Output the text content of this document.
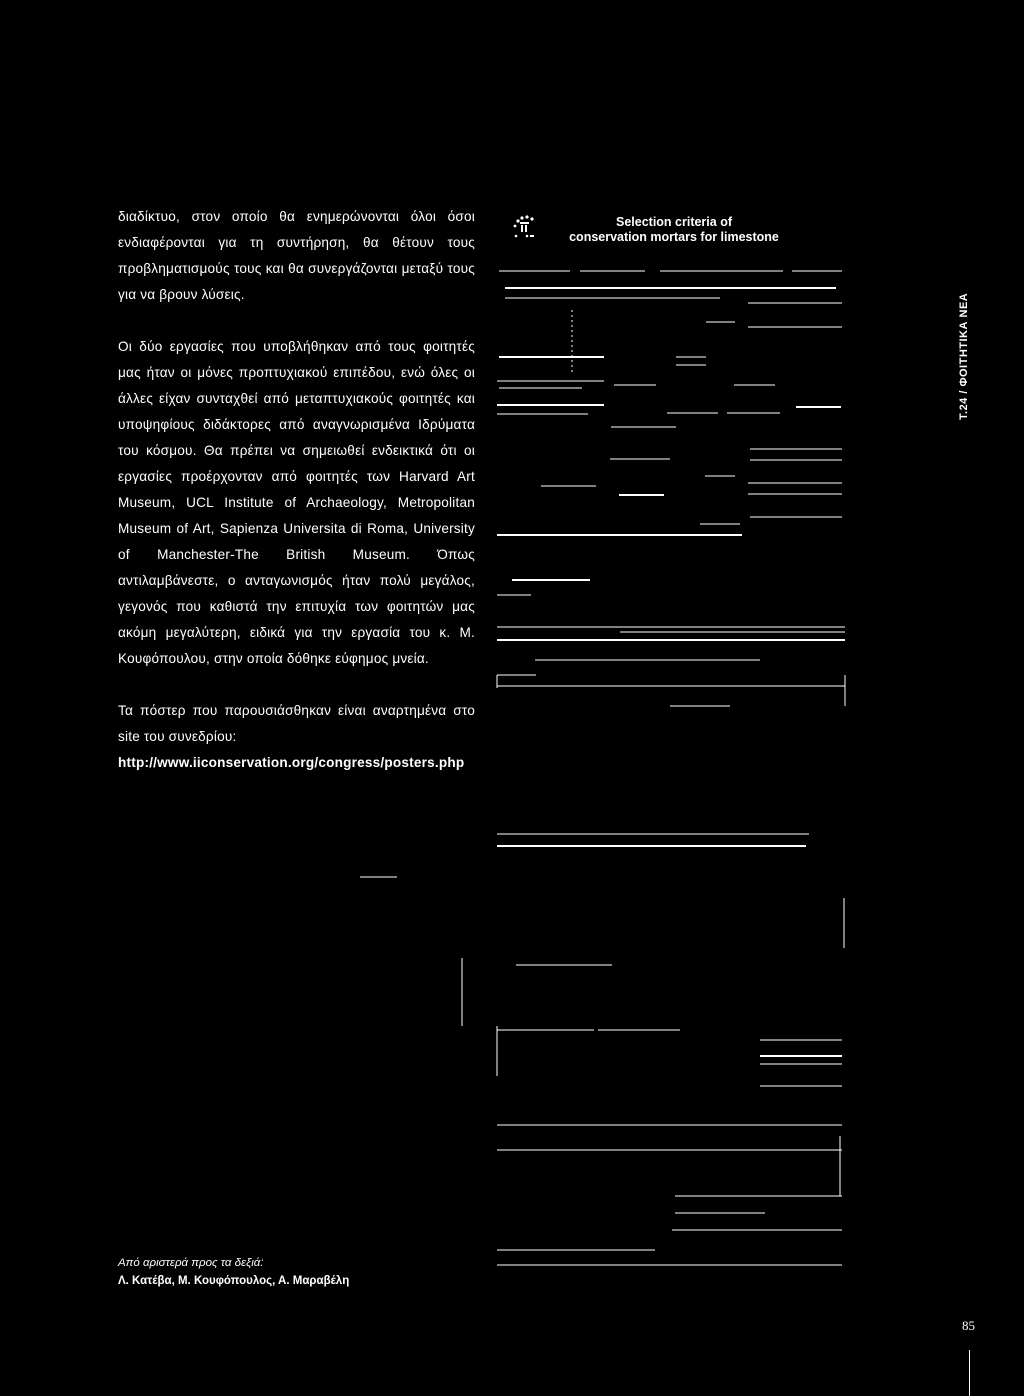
διαδίκτυο, στον οποίο θα ενημερώνονται όλοι όσοι ενδιαφέρονται για τη συντήρηση, θα θέτουν τους προβληματισμούς τους και θα συνεργάζονται μεταξύ τους για να βρουν λύσεις.

Οι δύο εργασίες που υποβλήθηκαν από τους φοιτητές μας ήταν οι μόνες προπτυχιακού επιπέδου, ενώ όλες οι άλλες είχαν συνταχθεί από μεταπτυχιακούς φοιτητές και υποψηφίους διδάκτορες από αναγνωρισμένα Ιδρύματα του κόσμου. Θα πρέπει να σημειωθεί ενδεικτικά ότι οι εργασίες προέρχονταν από φοιτητές των Harvard Art Museum, UCL Institute of Archaeology, Metropolitan Museum of Art, Sapienza Universita di Roma, University of Manchester-The British Museum. Όπως αντιλαμβάνεστε, ο ανταγωνισμός ήταν πολύ μεγάλος, γεγονός που καθιστά την επιτυχία των φοιτητών μας ακόμη μεγαλύτερη, ειδικά για την εργασία του κ. Μ. Κουφόπουλου, στην οποία δόθηκε εύφημος μνεία.

Τα πόστερ που παρουσιάσθηκαν είναι αναρτημένα στο site του συνεδρίου:
http://www.iiconservation.org/congress/posters.php

Selection criteria of
conservation mortars for limestone
Τ.24 / ΦΟΙΤΗΤΙΚΑ ΝΕΑ
Από αριστερά προς τα δεξιά:
Λ. Κατέβα, Μ. Κουφόπουλος, Α. Μαραβέλη
85
